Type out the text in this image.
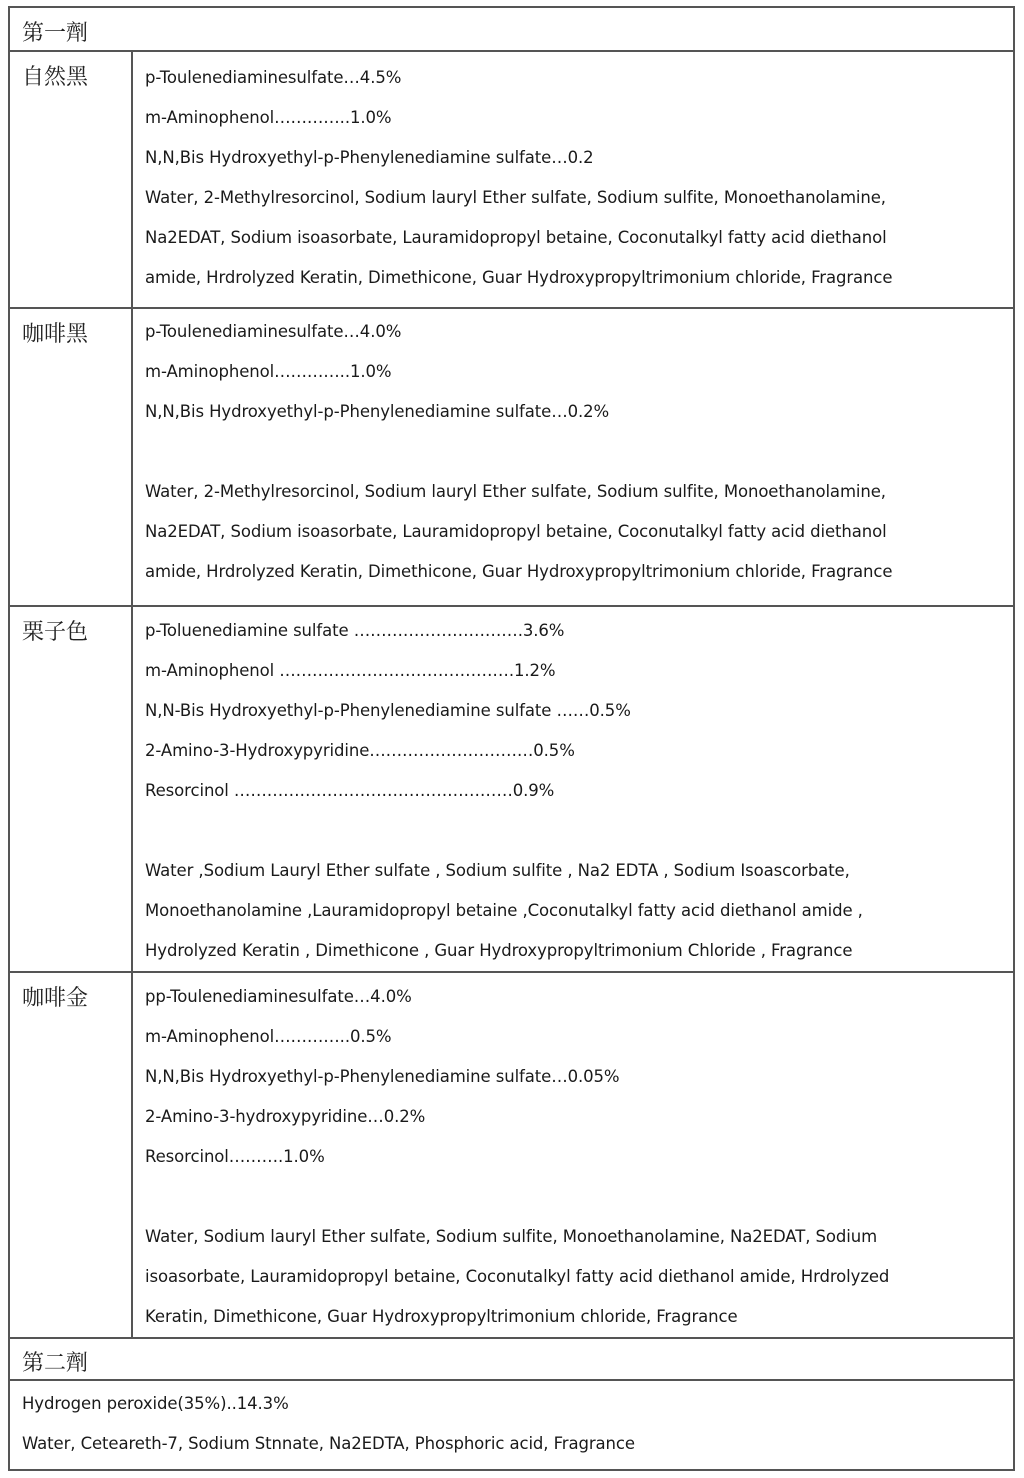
第一劑
自然黑	p-Toulenediaminesulfate…4.5%
m-Aminophenol…………..1.0%
N,N,Bis Hydroxyethyl-p-Phenylenediamine sulfate…0.2
Water, 2-Methylresorcinol, Sodium lauryl Ether sulfate, Sodium sulfite, Monoethanolamine,
Na2EDAT, Sodium isoasorbate, Lauramidopropyl betaine, Coconutalkyl fatty acid diethanol
amide, Hrdrolyzed Keratin, Dimethicone, Guar Hydroxypropyltrimonium chloride, Fragrance
咖啡黑	p-Toulenediaminesulfate…4.0%
m-Aminophenol…………..1.0%
N,N,Bis Hydroxyethyl-p-Phenylenediamine sulfate…0.2%
Water, 2-Methylresorcinol, Sodium lauryl Ether sulfate, Sodium sulfite, Monoethanolamine,
Na2EDAT, Sodium isoasorbate, Lauramidopropyl betaine, Coconutalkyl fatty acid diethanol
amide, Hrdrolyzed Keratin, Dimethicone, Guar Hydroxypropyltrimonium chloride, Fragrance
栗子色	p-Toluenediamine sulfate ………………………….3.6%
m-Aminophenol …………………………………….1.2%
N,N-Bis Hydroxyethyl-p-Phenylenediamine sulfate ……0.5%
2-Amino-3-Hydroxypyridine…………………………0.5%
Resorcinol ……………………………………………0.9%
Water ,Sodium Lauryl Ether sulfate , Sodium sulfite , Na2 EDTA , Sodium Isoascorbate,
Monoethanolamine ,Lauramidopropyl betaine ,Coconutalkyl fatty acid diethanol amide ,
Hydrolyzed Keratin , Dimethicone , Guar Hydroxypropyltrimonium Chloride , Fragrance
咖啡金	pp-Toulenediaminesulfate…4.0%
m-Aminophenol…………..0.5%
N,N,Bis Hydroxyethyl-p-Phenylenediamine sulfate…0.05%
2-Amino-3-hydroxypyridine…0.2%
Resorcinol……….1.0%
Water, Sodium lauryl Ether sulfate, Sodium sulfite, Monoethanolamine, Na2EDAT, Sodium
isoasorbate, Lauramidopropyl betaine, Coconutalkyl fatty acid diethanol amide, Hrdrolyzed
Keratin, Dimethicone, Guar Hydroxypropyltrimonium chloride, Fragrance
第二劑
Hydrogen peroxide(35%)..14.3%
Water, Ceteareth-7, Sodium Stnnate, Na2EDTA, Phosphoric acid, Fragrance
